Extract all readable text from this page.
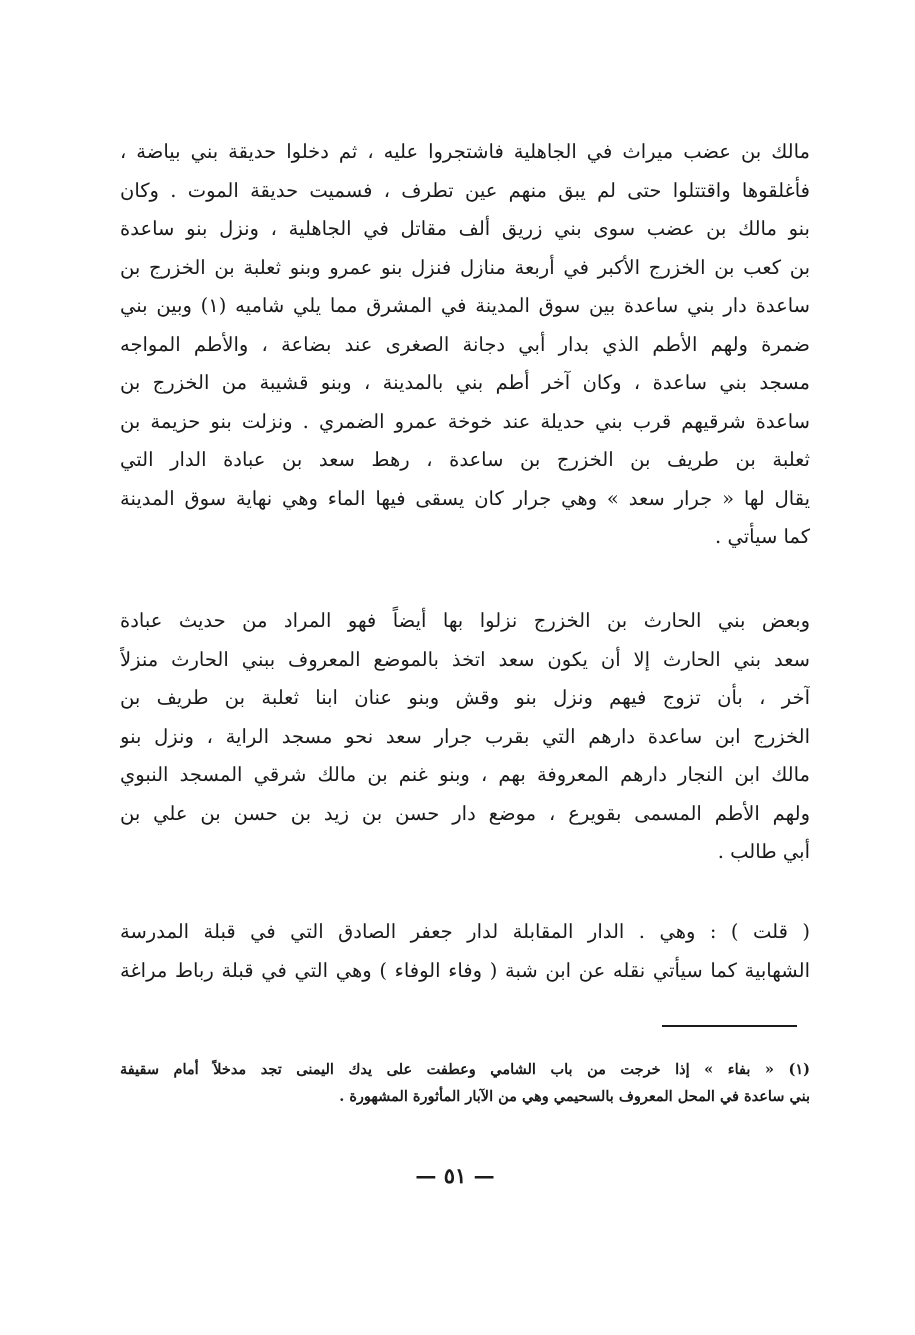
مالك بن عضب ميراث في الجاهلية فاشتجروا عليه ، ثم دخلوا حديقة بني بياضة ،
فأغلقوها واقتتلوا حتى لم يبق منهم عين تطرف ، فسميت حديقة الموت . وكان
بنو مالك بن عضب سوى بني زريق ألف مقاتل في الجاهلية ، ونزل بنو ساعدة
بن كعب بن الخزرج الأكبر في أربعة منازل فنزل بنو عمرو وبنو ثعلبة بن الخزرج بن
ساعدة دار بني ساعدة بين سوق المدينة في المشرق مما يلي شاميه (١) وبين بني
ضمرة ولهم الأطم الذي بدار أبي دجانة الصغرى عند بضاعة ، والأطم المواجه
مسجد بني ساعدة ، وكان آخر أطم بني بالمدينة ، وبنو قشيبة من الخزرج بن
ساعدة شرقيهم قرب بني حديلة عند خوخة عمرو الضمري . ونزلت بنو حزيمة بن
ثعلبة بن طريف بن الخزرج بن ساعدة ، رهط سعد بن عبادة الدار التي
يقال لها « جرار سعد » وهي جرار كان يسقى فيها الماء وهي نهاية سوق المدينة
كما سيأتي .
وبعض بني الحارث بن الخزرج نزلوا بها أيضاً فهو المراد من حديث عبادة
سعد بني الحارث إلا أن يكون سعد اتخذ بالموضع المعروف ببني الحارث منزلاً
آخر ، بأن تزوج فيهم ونزل بنو وقش وبنو عنان ابنا ثعلبة بن طريف بن
الخزرج ابن ساعدة دارهم التي بقرب جرار سعد نحو مسجد الراية ، ونزل بنو
مالك ابن النجار دارهم المعروفة بهم ، وبنو غنم بن مالك شرقي المسجد النبوي
ولهم الأطم المسمى بقويرع ، موضع دار حسن بن زيد بن حسن بن علي بن
أبي طالب .
( قلت ) : وهي . الدار المقابلة لدار جعفر الصادق التي في قبلة المدرسة
الشهابية كما سيأتي نقله عن ابن شبة ( وفاء الوفاء ) وهي التي في قبلة رباط مراغة
(١) « بفاء » إذا خرجت من باب الشامي وعطفت على يدك اليمنى تجد مدخلاً أمام سقيفة
بني ساعدة في المحل المعروف بالسحيمي وهي من الآبار المأثورة المشهورة .
— ٥١ —
